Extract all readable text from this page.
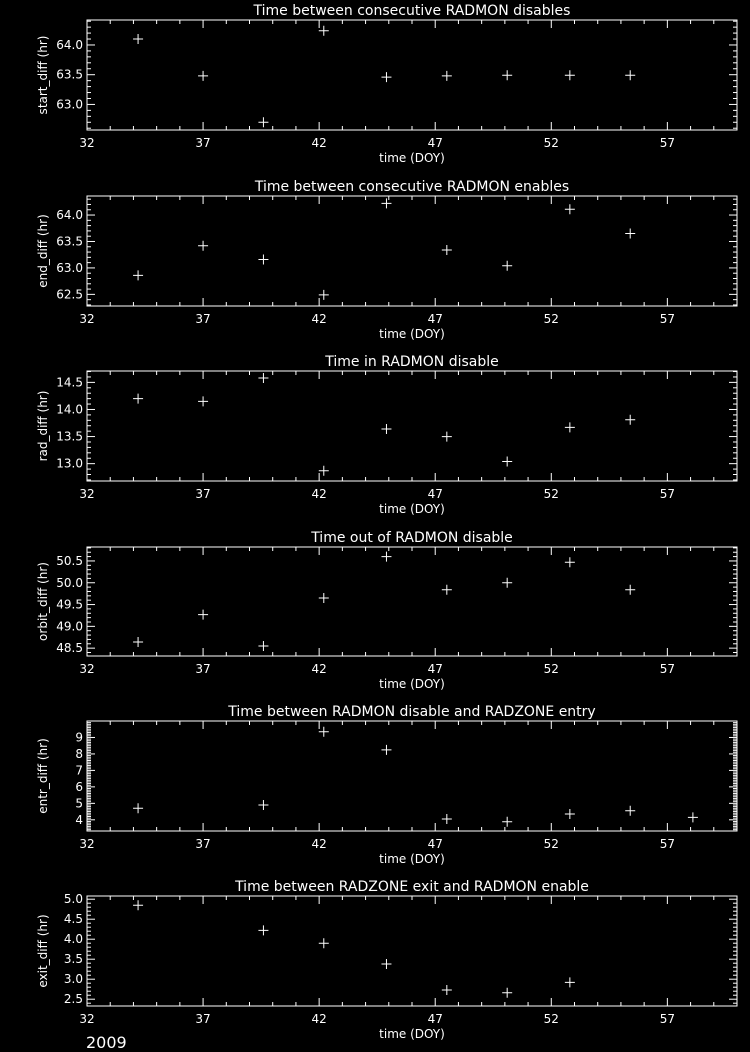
Time between consecutive RADMON disables
32	37	42	47	52	57
63.0
63.5
64.0
time (DOY)
start_diff (hr)
Time between consecutive RADMON enables
32	37	42	47	52	57
62.5
63.0
63.5
64.0
time (DOY)
end_diff (hr)
Time in RADMON disable
32	37	42	47	52	57
13.0
13.5
14.0
14.5
time (DOY)
rad_diff (hr)
Time out of RADMON disable
32	37	42	47	52	57
48.5
49.0
49.5
50.0
50.5
time (DOY)
orbit_diff (hr)
Time between RADMON disable and RADZONE entry
32	37	42	47	52	57
4
5
6
7
8
9
time (DOY)
entr_diff (hr)
Time between RADZONE exit and RADMON enable
32	37	42	47	52	57
2.5
3.0
3.5
4.0
4.5
5.0
time (DOY)
exit_diff (hr)
2009
